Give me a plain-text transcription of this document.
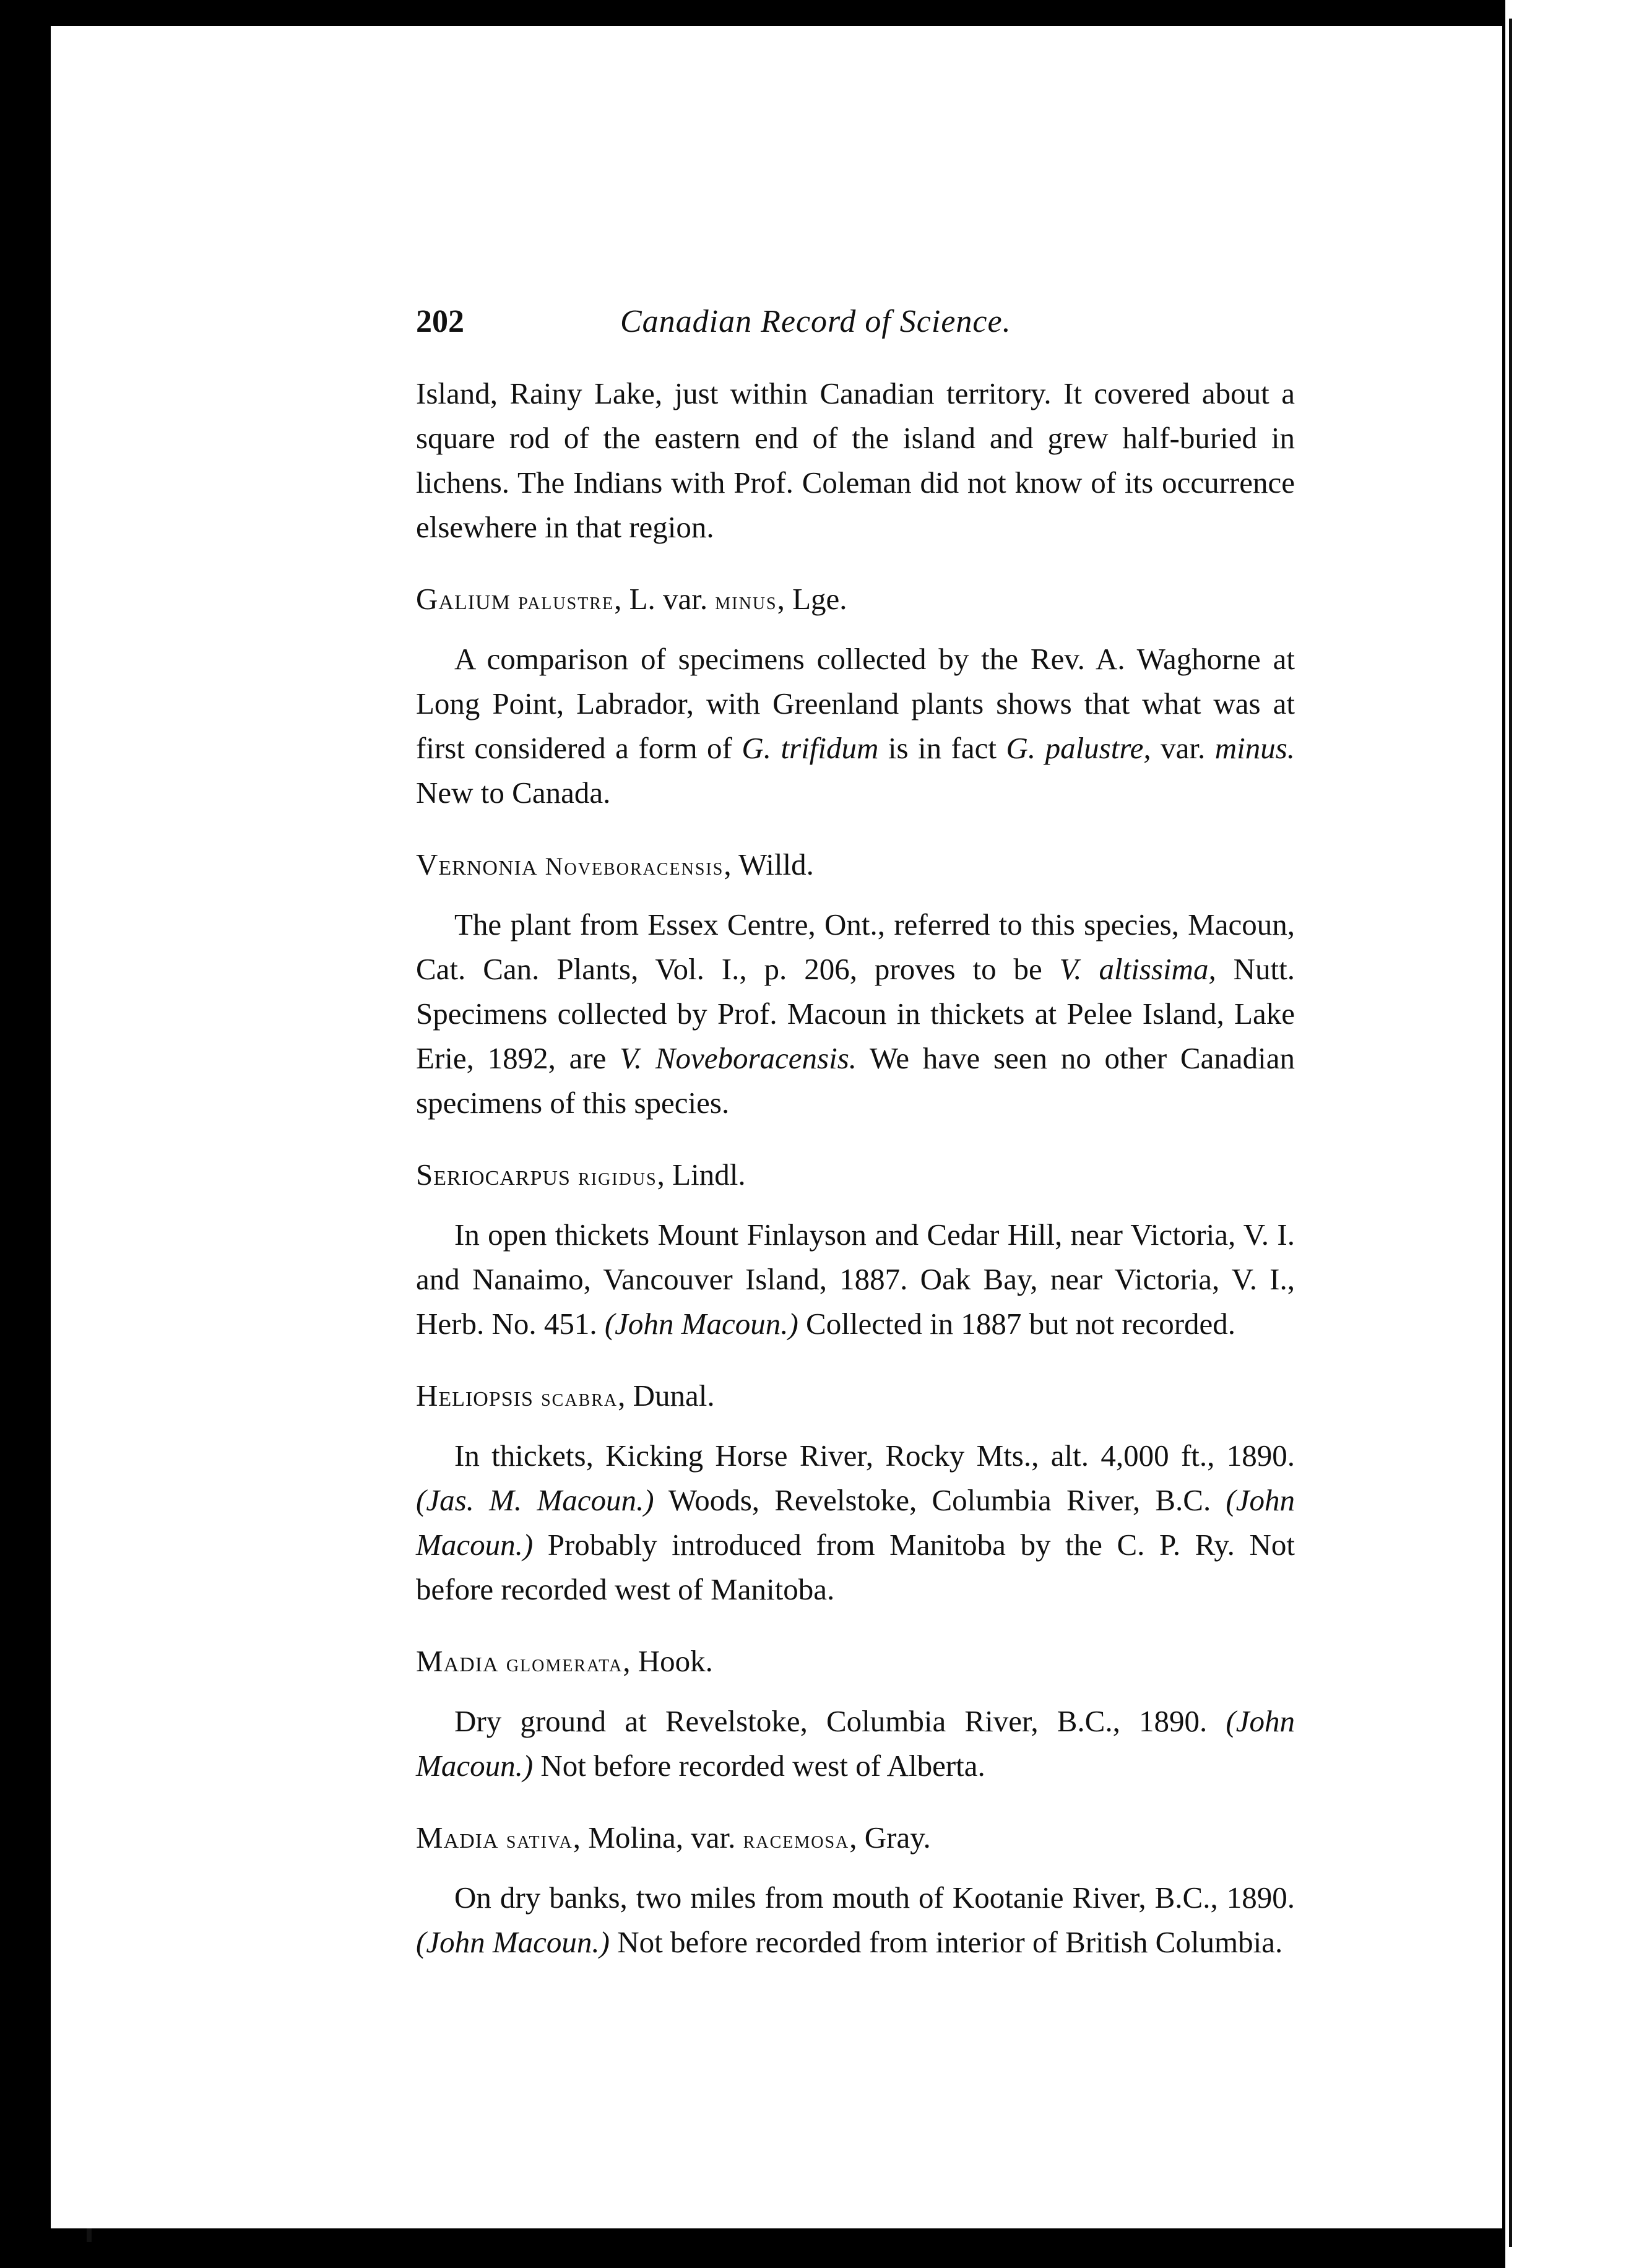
202	Canadian Record of Science.

Island, Rainy Lake, just within Canadian territory. It covered about a square rod of the eastern end of the island and grew half-buried in lichens. The Indians with Prof. Coleman did not know of its occurrence elsewhere in that region.

Galium palustre, L. var. minus, Lge.

A comparison of specimens collected by the Rev. A. Waghorne at Long Point, Labrador, with Greenland plants shows that what was at first considered a form of G. trifidum is in fact G. palustre, var. minus. New to Canada.

Vernonia Noveboracensis, Willd.

The plant from Essex Centre, Ont., referred to this species, Macoun, Cat. Can. Plants, Vol. I., p. 206, proves to be V. altissima, Nutt. Specimens collected by Prof. Macoun in thickets at Pelee Island, Lake Erie, 1892, are V. Noveboracensis. We have seen no other Canadian specimens of this species.

Seriocarpus rigidus, Lindl.

In open thickets Mount Finlayson and Cedar Hill, near Victoria, V. I. and Nanaimo, Vancouver Island, 1887. Oak Bay, near Victoria, V. I., Herb. No. 451. (John Macoun.) Collected in 1887 but not recorded.

Heliopsis scabra, Dunal.

In thickets, Kicking Horse River, Rocky Mts., alt. 4,000 ft., 1890. (Jas. M. Macoun.) Woods, Revelstoke, Columbia River, B.C. (John Macoun.) Probably introduced from Manitoba by the C. P. Ry. Not before recorded west of Manitoba.

Madia glomerata, Hook.

Dry ground at Revelstoke, Columbia River, B.C., 1890. (John Macoun.) Not before recorded west of Alberta.

Madia sativa, Molina, var. racemosa, Gray.

On dry banks, two miles from mouth of Kootanie River, B.C., 1890. (John Macoun.) Not before recorded from interior of British Columbia.
